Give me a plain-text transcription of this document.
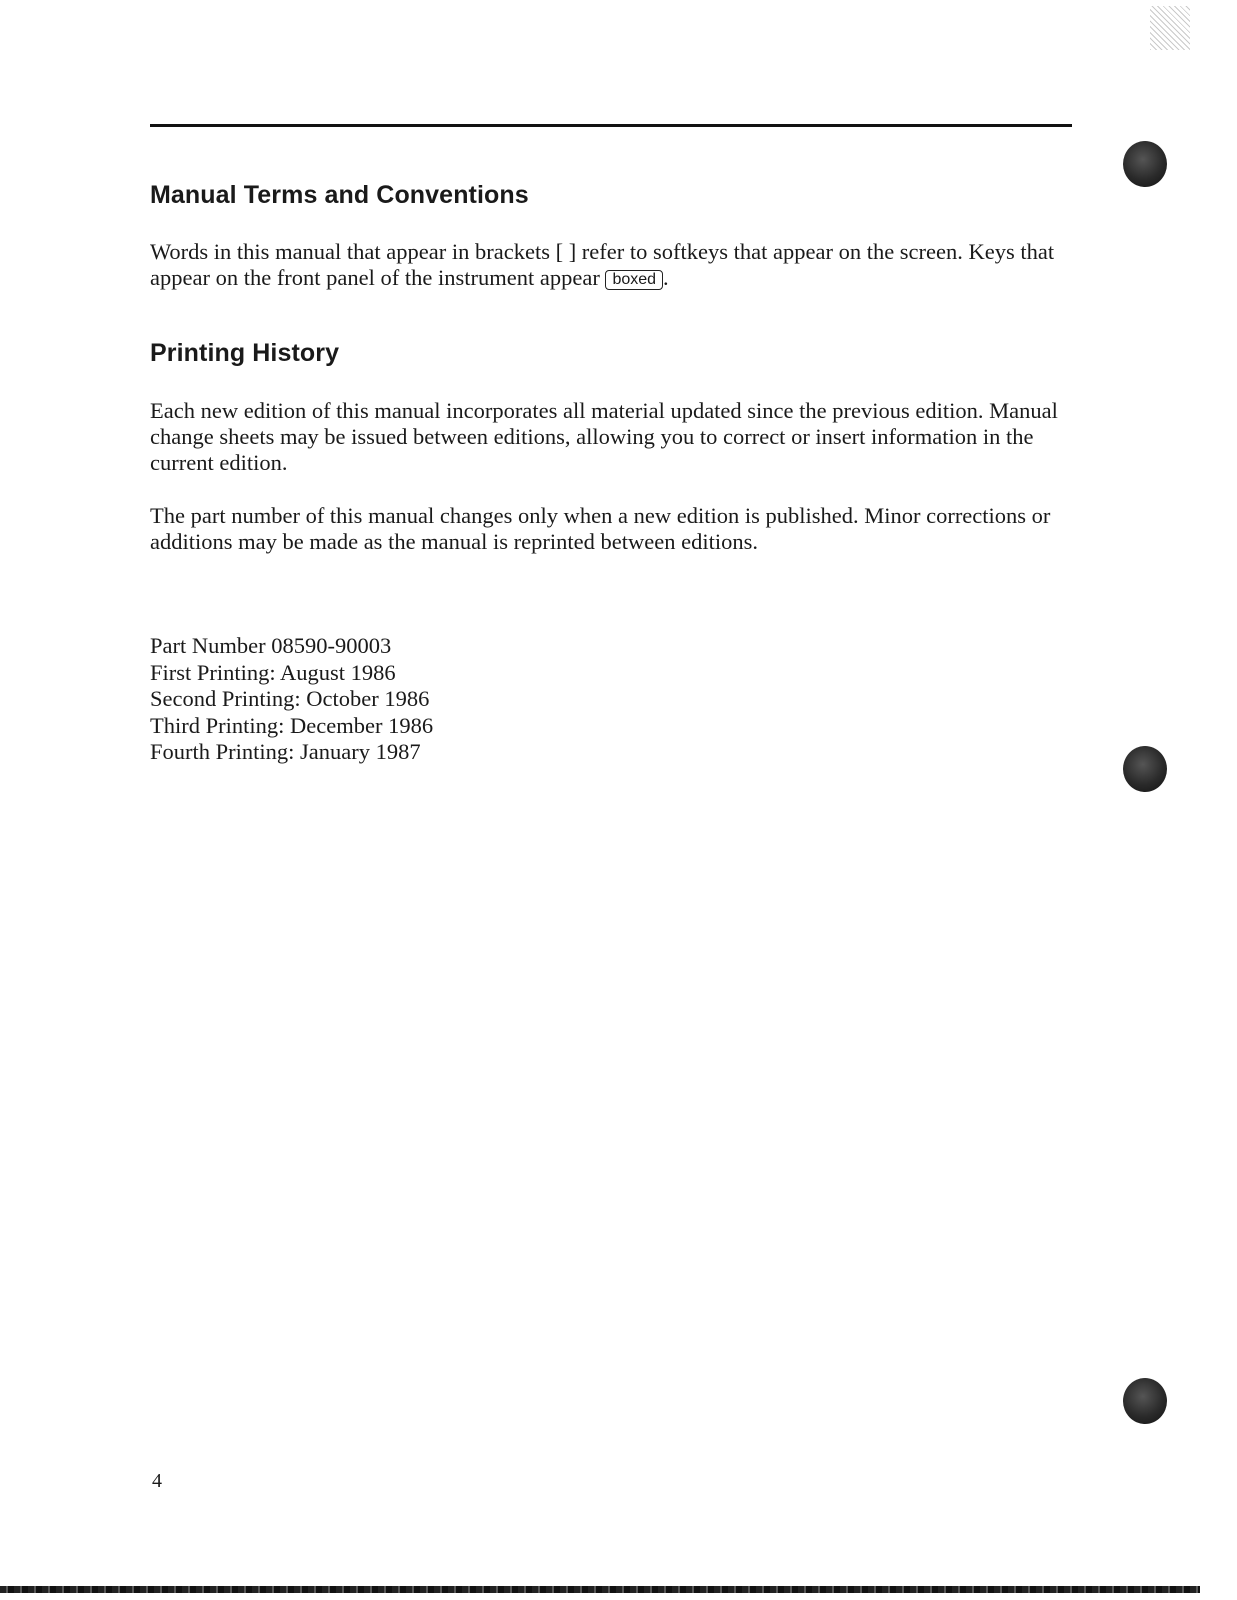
Manual Terms and Conventions

Words in this manual that appear in brackets [ ] refer to softkeys that appear on the screen. Keys that appear on the front panel of the instrument appear boxed .

Printing History

Each new edition of this manual incorporates all material updated since the previous edition. Manual change sheets may be issued between editions, allowing you to correct or insert information in the current edition.

The part number of this manual changes only when a new edition is published. Minor corrections or additions may be made as the manual is reprinted between editions.

Part Number 08590-90003
First Printing: August 1986
Second Printing: October 1986
Third Printing: December 1986
Fourth Printing: January 1987
4
